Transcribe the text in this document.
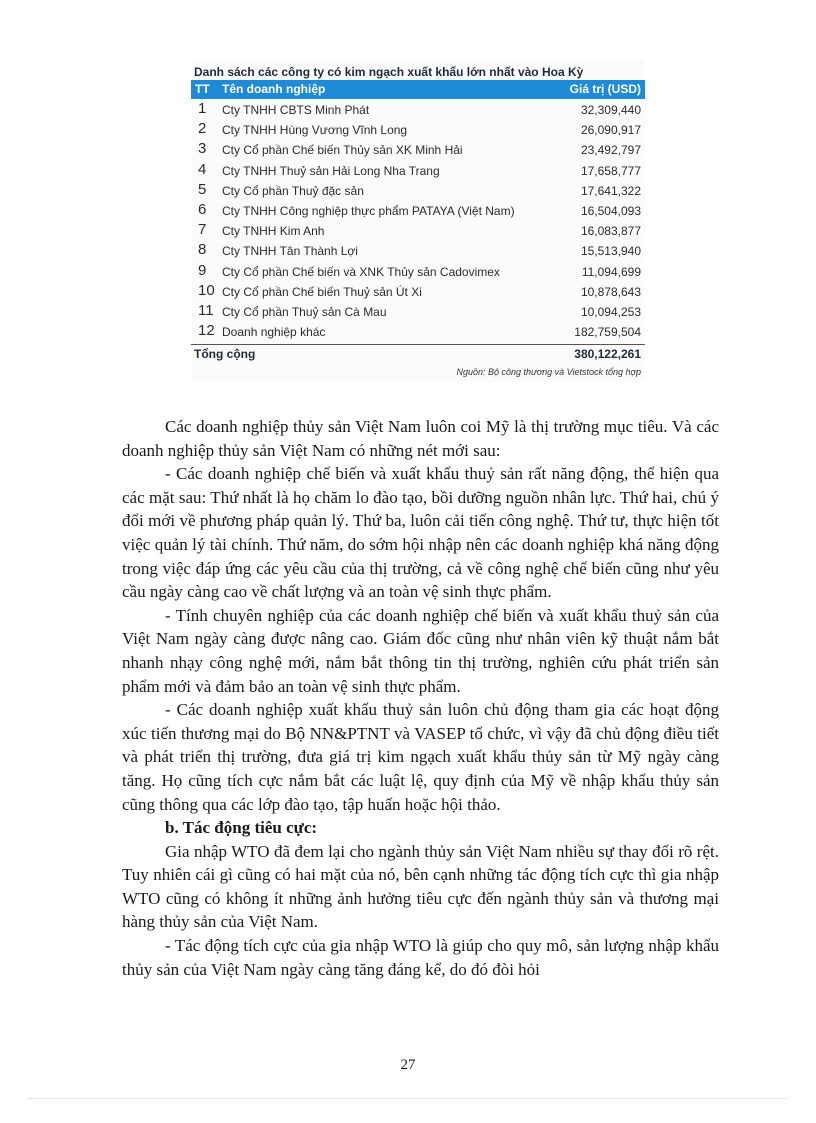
Danh sách các công ty có kim ngạch xuất khẩu lớn nhất vào Hoa Kỳ
TT Tên doanh nghiệp	Giá trị (USD)
1 Cty TNHH CBTS Minh Phát	32,309,440
2 Cty TNHH Hùng Vương Vĩnh Long	26,090,917
3 Cty Cổ phần Chế biến Thủy sản XK Minh Hải	23,492,797
4 Cty TNHH Thuỷ sản Hải Long Nha Trang	17,658,777
5 Cty Cổ phần Thuỷ đặc sản	17,641,322
6 Cty TNHH Công nghiệp thực phẩm PATAYA (Việt Nam)	16,504,093
7 Cty TNHH Kim Anh	16,083,877
8 Cty TNHH Tân Thành Lợi	15,513,940
9 Cty Cổ phần Chế biến và XNK Thủy sản Cadovimex	11,094,699
10 Cty Cổ phần Chế biến Thuỷ sản Út Xi	10,878,643
11 Cty Cổ phần Thuỷ sản Cà Mau	10,094,253
12 Doanh nghiệp khác	182,759,504
Tổng cộng	380,122,261
Nguồn: Bộ công thương và Vietstock tổng hợp

Các doanh nghiệp thủy sản Việt Nam luôn coi Mỹ là thị trường mục tiêu. Và các doanh nghiệp thủy sản Việt Nam có những nét mới sau:

- Các doanh nghiệp chế biến và xuất khẩu thuỷ sản rất năng động, thể hiện qua các mặt sau: Thứ nhất là họ chăm lo đào tạo, bồi dưỡng nguồn nhân lực. Thứ hai, chú ý đổi mới về phương pháp quản lý. Thứ ba, luôn cải tiến công nghệ. Thứ tư, thực hiện tốt việc quản lý tài chính. Thứ năm, do sớm hội nhập nên các doanh nghiệp khá năng động trong việc đáp ứng các yêu cầu của thị trường, cả về công nghệ chế biến cũng như yêu cầu ngày càng cao về chất lượng và an toàn vệ sinh thực phẩm.

- Tính chuyên nghiệp của các doanh nghiệp chế biến và xuất khẩu thuỷ sản của Việt Nam ngày càng được nâng cao. Giám đốc cũng như nhân viên kỹ thuật nắm bắt nhanh nhạy công nghệ mới, nắm bắt thông tin thị trường, nghiên cứu phát triển sản phẩm mới và đảm bảo an toàn vệ sinh thực phẩm.

- Các doanh nghiệp xuất khẩu thuỷ sản luôn chủ động tham gia các hoạt động xúc tiến thương mại do Bộ NN&PTNT và VASEP tổ chức, vì vậy đã chủ động điều tiết và phát triển thị trường, đưa giá trị kim ngạch xuất khẩu thủy sản từ Mỹ ngày càng tăng. Họ cũng tích cực nắm bắt các luật lệ, quy định của Mỹ về nhập khẩu thủy sản cũng thông qua các lớp đào tạo, tập huấn hoặc hội thảo.

b. Tác động tiêu cực:

Gia nhập WTO đã đem lại cho ngành thủy sản Việt Nam nhiều sự thay đổi rõ rệt. Tuy nhiên cái gì cũng có hai mặt của nó, bên cạnh những tác động tích cực thì gia nhập WTO cũng có không ít những ảnh hưởng tiêu cực đến ngành thủy sản và thương mại hàng thủy sản của Việt Nam.

- Tác động tích cực của gia nhập WTO là giúp cho quy mô, sản lượng nhập khẩu thủy sản của Việt Nam ngày càng tăng đáng kể, do đó đòi hỏi

27
